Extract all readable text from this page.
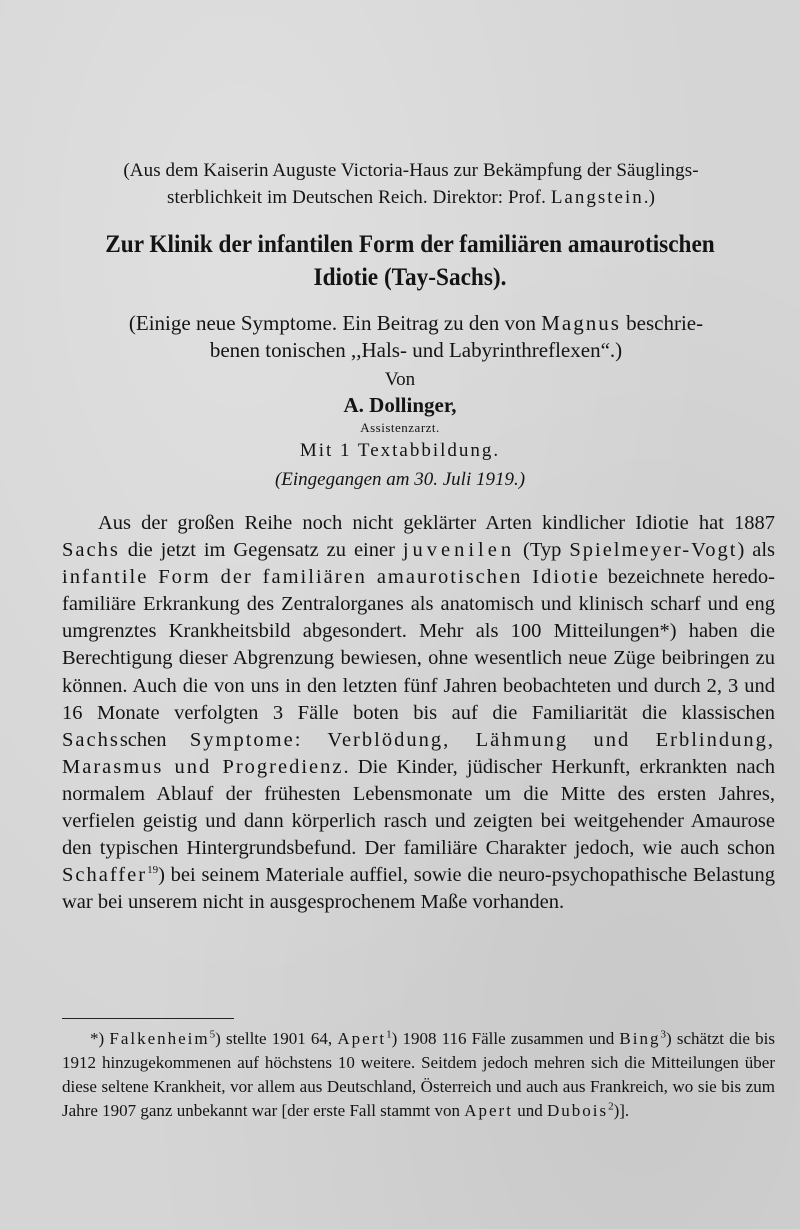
(Aus dem Kaiserin Auguste Victoria-Haus zur Bekämpfung der Säuglings-
sterblichkeit im Deutschen Reich. Direktor: Prof. Langstein.)
Zur Klinik der infantilen Form der familiären amaurotischen
Idiotie (Tay-Sachs).
(Einige neue Symptome. Ein Beitrag zu den von Magnus beschrie-
benen tonischen ,,Hals- und Labyrinthreflexen“.)
Von
A. Dollinger,
Assistenzarzt.
Mit 1 Textabbildung.
(Eingegangen am 30. Juli 1919.)

Aus der großen Reihe noch nicht geklärter Arten kindlicher Idiotie hat 1887 Sachs die jetzt im Gegensatz zu einer juvenilen (Typ Spielmeyer-Vogt) als infantile Form der familiären amaurotischen Idiotie bezeichnete heredo-familiäre Erkrankung des Zentralorganes als anatomisch und klinisch scharf und eng umgrenztes Krankheitsbild abgesondert. Mehr als 100 Mitteilungen*) haben die Berechtigung dieser Abgrenzung bewiesen, ohne wesentlich neue Züge beibringen zu können. Auch die von uns in den letzten fünf Jahren beobachteten und durch 2, 3 und 16 Monate verfolgten 3 Fälle boten bis auf die Familiarität die klassischen Sachsschen Symptome: Verblödung, Lähmung und Erblindung, Marasmus und Progredienz. Die Kinder, jüdischer Herkunft, erkrankten nach normalem Ablauf der frühesten Lebensmonate um die Mitte des ersten Jahres, verfielen geistig und dann körperlich rasch und zeigten bei weitgehender Amaurose den typischen Hintergrundsbefund. Der familiäre Charakter jedoch, wie auch schon Schaffer$^{19}$) bei seinem Materiale auffiel, sowie die neuro-psychopathische Belastung war bei unserem nicht in ausgesprochenem Maße vorhanden.

*) Falkenheim$^5$) stellte 1901 64, Apert$^1$) 1908 116 Fälle zusammen und Bing$^3$) schätzt die bis 1912 hinzugekommenen auf höchstens 10 weitere. Seitdem jedoch mehren sich die Mitteilungen über diese seltene Krankheit, vor allem aus Deutschland, Österreich und auch aus Frankreich, wo sie bis zum Jahre 1907 ganz unbekannt war [der erste Fall stammt von Apert und Dubois$^2$)].
